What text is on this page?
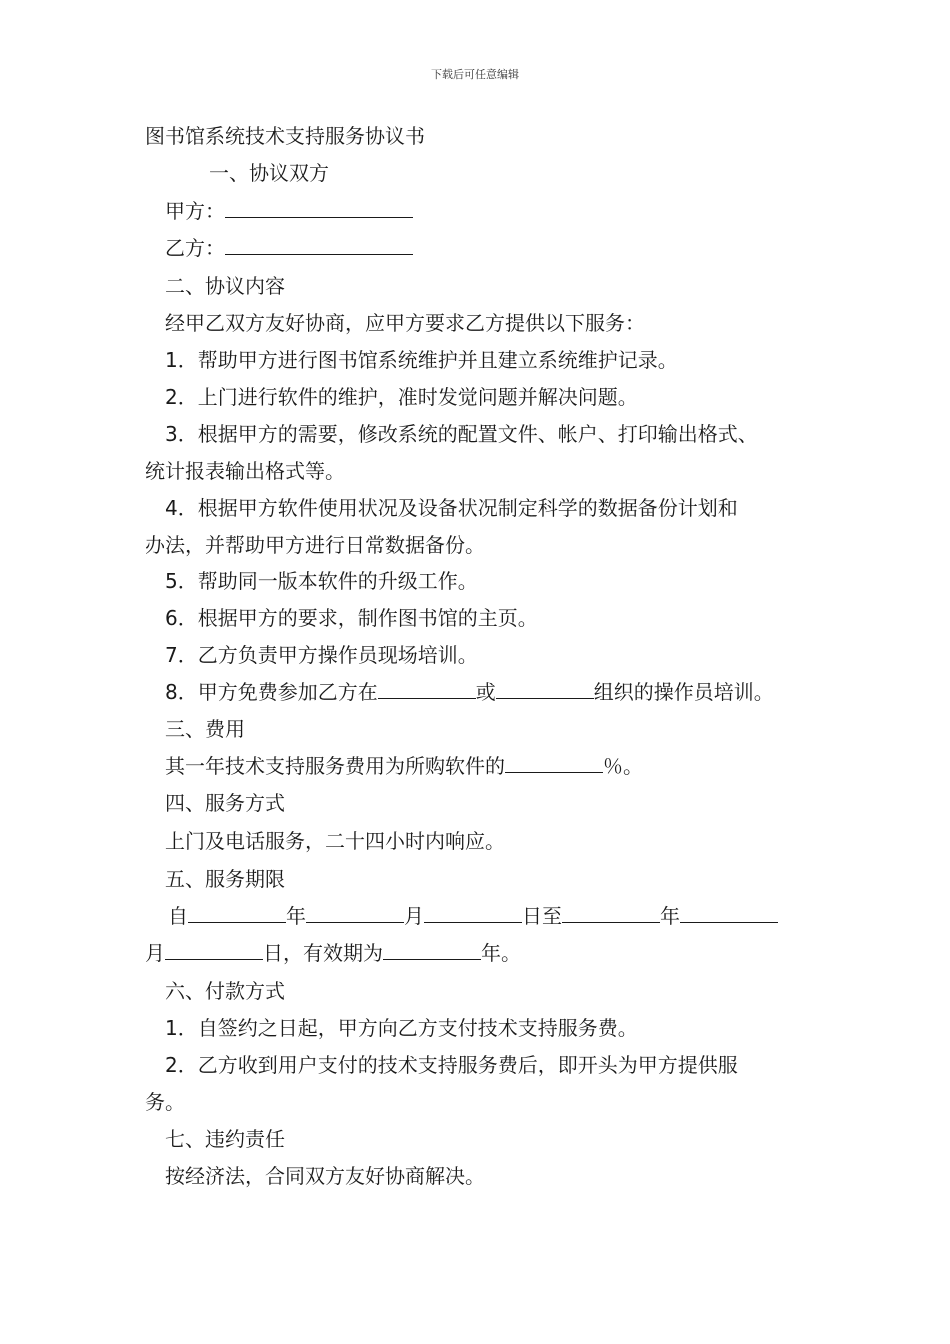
下载后可任意编辑
图书馆系统技术支持服务协议书
一、协议双方
甲方：
乙方：
二、协议内容
经甲乙双方友好协商，应甲方要求乙方提供以下服务：
1．帮助甲方进行图书馆系统维护并且建立系统维护记录。
2．上门进行软件的维护，准时发觉问题并解决问题。
3．根据甲方的需要，修改系统的配置文件、帐户、打印输出格式、
统计报表输出格式等。
4．根据甲方软件使用状况及设备状况制定科学的数据备份计划和
办法，并帮助甲方进行日常数据备份。
5．帮助同一版本软件的升级工作。
6．根据甲方的要求，制作图书馆的主页。
7．乙方负责甲方操作员现场培训。
8．甲方免费参加乙方在	或	组织的操作员培训。
三、费用
其一年技术支持服务费用为所购软件的	％。
四、服务方式
上门及电话服务，二十四小时内响应。
五、服务期限
自	年	月	日至	年
月	日，有效期为	年。
六、付款方式
1．自签约之日起，甲方向乙方支付技术支持服务费。
2．乙方收到用户支付的技术支持服务费后，即开头为甲方提供服
务。
七、违约责任
按经济法，合同双方友好协商解决。
